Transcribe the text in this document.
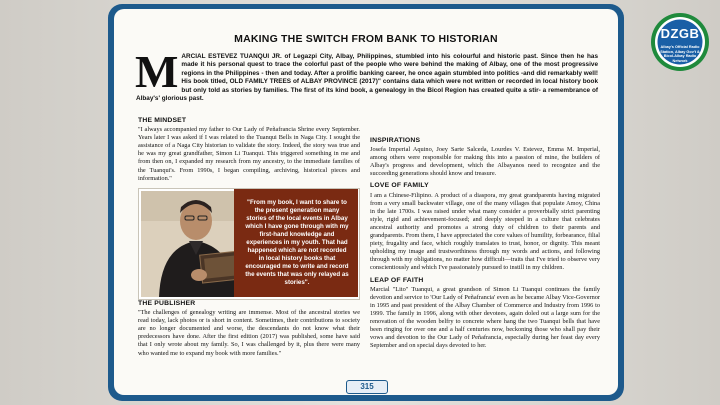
MAKING THE SWITCH FROM BANK TO HISTORIAN
MARCIAL ESTEVEZ TUANQUI JR. of Legazpi City, Albay, Philippines, stumbled into his colourful and historic past. Since then he has made it his personal quest to trace the colorful past of the people who were behind the making of Albay, one of the most progressive regions in the Philippines - then and today. After a prolific banking career, he once again stumbled into politics -and did remarkably well! His book titled, OLD FAMILY TREES of ALBAY PROVINCE (2017)" contains data which were not written or recorded in local history book but only told as stories by families. The first of its kind book, a genealogy in the Bicol Region has created quite a stir- a remembrance of Albay's' glorious past.
THE MINDSET

"I always accompanied my father to Our Lady of Peñafrancia Shrine every September. Years later I was asked if I was related to the Tuanqui Bells in Naga City. I sought the assistance of a Naga City historian to validate the story. Indeed, the story was true and he was my great grandfather, Simon Li Tuanqui. This triggered something in me and from then on, I expanded my research from my ancestry, to the immediate families of the Tuanqui's. From 1990s, I began compiling, archiving, historical pieces and information."

"From my book, I want to share to the present generation many stories of the local events in Albay which I have gone through with my first-hand knowledge and experiences in my youth. That had happened which are not recorded in local history books that encouraged me to write and record the events that was only relayed as stories".
THE PUBLISHER

"The challenges of genealogy writing are immense. Most of the ancestral stories we read today, lack photos or is short in content. Sometimes, their contributions to society are no longer documented and worse, the descendants do not know what their predecessors have done. After the first edition (2017) was published, some have said that I only wrote about my family. So, I was challenged by it, plus there were many who wanted me to expand my book with more families."

INSPIRATIONS

Josefa Imperial Aquino, Joey Sarte Salceda, Lourdes V. Estevez, Emma M. Imperial, among others were responsible for making this into a passion of mine, the builders of Albay's progress and development, which the Albayanos need to recognize and the succeeding generations should know and treasure.

LOVE OF FAMILY

I am a Chinese-Filipino. A product of a diaspora, my great grandparents having migrated from a very small backwater village, one of the many villages that populate Amoy, China in the late 1700s. I was raised under what many consider a proverbially strict parenting style, rigid and achievement-focused; and deeply steeped in a culture that celebrates ancestral authority and promotes a strong duty of children to their parents and grandparents. From them, I have appreciated the core values of humility, forbearance, filial piety, frugality and face, which roughly translates to trust, honor, or dignity. This meant upholding my image and trustworthiness through my words and actions, and following through with my obligations, no matter how difficult—traits that I've tried to observe very conscientiously and which I've passionately pursued to instill in my children.

LEAP OF FAITH

Marcial "Lito" Tuanqui, a great grandson of Simon Li Tuanqui continues the family devotion and service to 'Our Lady of Peñafrancia' even as he became Albay Vice-Governor in 1995 and past president of the Albay Chamber of Commerce and Industry from 1996 to 1999. The family in 1996, along with other devotees, again doled out a large sum for the renovation of the wooden belfry to concrete where hang the two Tuanqui bells that have been ringing for over one and a half centuries now, beckoning those who shall pay their vows and devotion to the Our Lady of Peñafrancia, especially during her feast day every September and on special days devoted to her.

315
DZGB
Albay's Official Radio Station, Albay Gov't & Bicol-Albay Radio Network
